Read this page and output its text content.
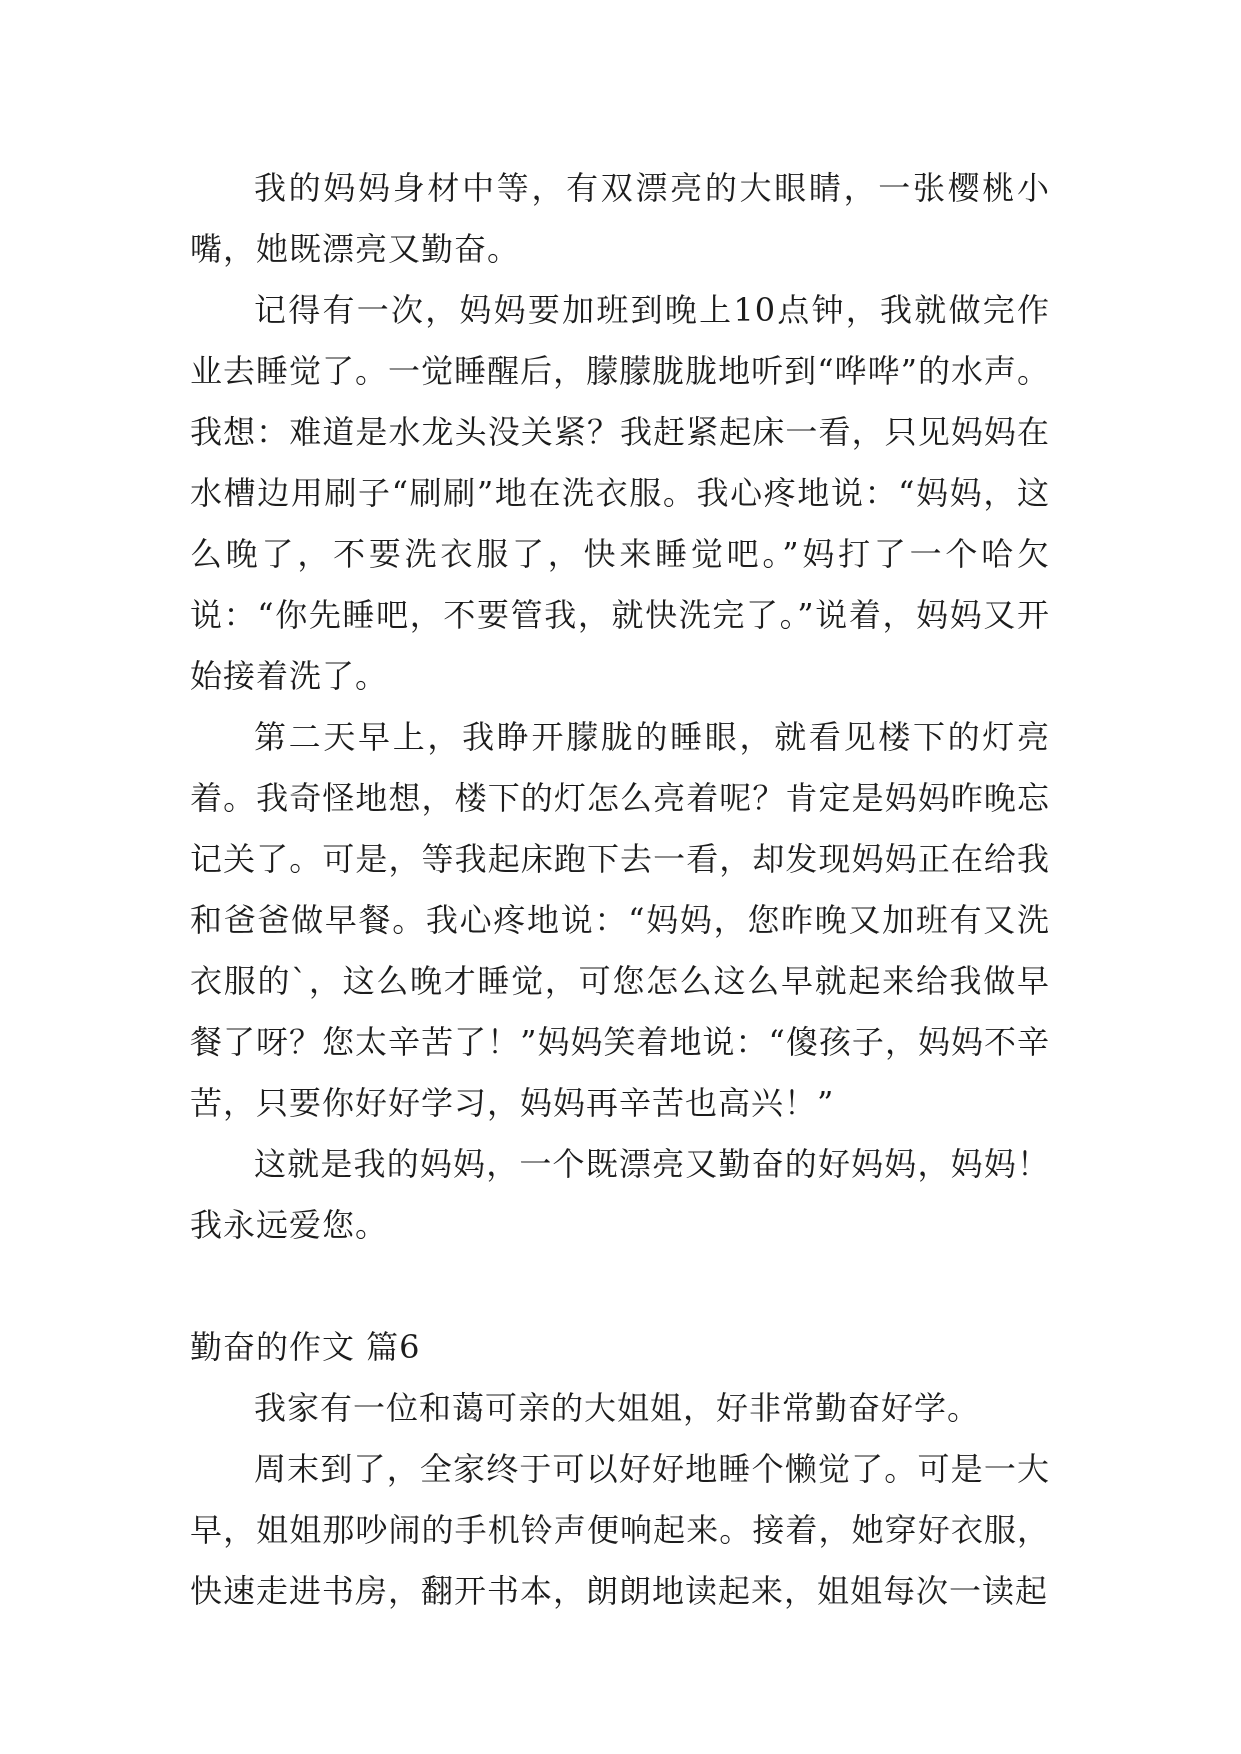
我的妈妈身材中等，有双漂亮的大眼睛，一张樱桃小嘴，她既漂亮又勤奋。

记得有一次，妈妈要加班到晚上10点钟，我就做完作业去睡觉了。一觉睡醒后，朦朦胧胧地听到“哗哗”的水声。我想：难道是水龙头没关紧？我赶紧起床一看，只见妈妈在水槽边用刷子“刷刷”地在洗衣服。我心疼地说：“妈妈，这么晚了，不要洗衣服了，快来睡觉吧。”妈打了一个哈欠说：“你先睡吧，不要管我，就快洗完了。”说着，妈妈又开始接着洗了。

第二天早上，我睁开朦胧的睡眼，就看见楼下的灯亮着。我奇怪地想，楼下的灯怎么亮着呢？肯定是妈妈昨晚忘记关了。可是，等我起床跑下去一看，却发现妈妈正在给我和爸爸做早餐。我心疼地说：“妈妈，您昨晚又加班有又洗衣服的`，这么晚才睡觉，可您怎么这么早就起来给我做早餐了呀？您太辛苦了！”妈妈笑着地说：“傻孩子，妈妈不辛苦，只要你好好学习，妈妈再辛苦也高兴！”

这就是我的妈妈，一个既漂亮又勤奋的好妈妈，妈妈！我永远爱您。

勤奋的作文 篇6

我家有一位和蔼可亲的大姐姐，好非常勤奋好学。

周末到了，全家终于可以好好地睡个懒觉了。可是一大早，姐姐那吵闹的手机铃声便响起来。接着，她穿好衣服，快速走进书房，翻开书本，朗朗地读起来，姐姐每次一读起
